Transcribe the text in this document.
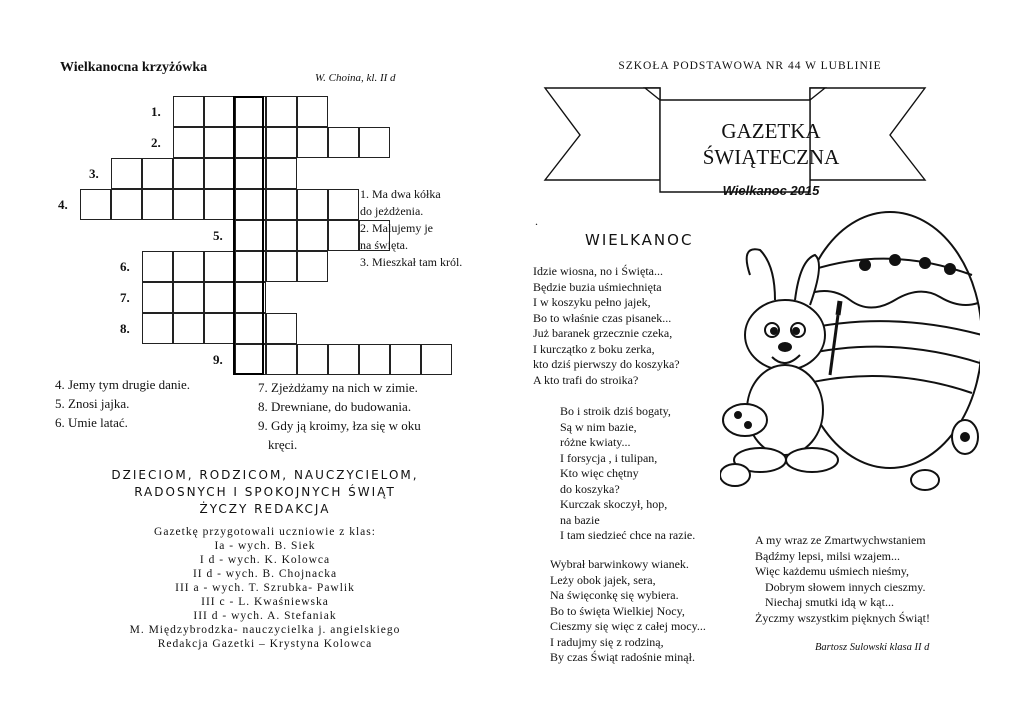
Wielkanocna krzyżówka
W. Choina, kl. II d
1.
2.
3.
4.
5.
6.
7.
8.
9.
1. Ma dwa kółka
do jeżdżenia.
2. Malujemy je
na święta.
3. Mieszkał tam król.
4. Jemy tym drugie danie.
5. Znosi jajka.
6. Umie latać.
7. Zjeżdżamy na nich w zimie.
8. Drewniane, do budowania.
9. Gdy ją kroimy, łza się w oku
kręci.
DZIECIOM, RODZICOM, NAUCZYCIELOM,
RADOSNYCH I SPOKOJNYCH ŚWIĄT
ŻYCZY REDAKCJA
Gazetkę przygotowali uczniowie z klas:
Ia - wych. B. Siek
I d - wych. K. Kolowca
II d - wych. B. Chojnacka
III a - wych. T. Szrubka- Pawlik
III c - L. Kwaśniewska
III d - wych. A. Stefaniak
M. Międzybrodzka- nauczycielka j. angielskiego
Redakcja Gazetki – Krystyna Kolowca
SZKOŁA PODSTAWOWA NR 44 W LUBLINIE
GAZETKA
ŚWIĄTECZNA
Wielkanoc 2015
.
WIELKANOC
Idzie wiosna, no i Święta...
Będzie buzia uśmiechnięta
I w koszyku pełno jajek,
Bo to właśnie czas pisanek...
Już baranek grzecznie czeka,
I kurczątko z boku zerka,
kto dziś pierwszy do koszyka?
A kto trafi do stroika?
Bo i stroik dziś bogaty,
Są w nim bazie,
różne kwiaty...
I forsycja , i tulipan,
Kto więc chętny
do koszyka?
Kurczak skoczył, hop,
na bazie
I tam siedzieć chce na razie.
Wybrał barwinkowy wianek.
Leży obok jajek, sera,
Na święconkę się wybiera.
Bo to święta Wielkiej Nocy,
Cieszmy się więc z całej mocy...
I radujmy się z rodziną,
By czas Świąt radośnie minął.
A my wraz ze Zmartwychwstaniem
Bądźmy lepsi, milsi wzajem...
Więc każdemu uśmiech nieśmy,
Dobrym słowem innych cieszmy.
Niechaj smutki idą w kąt...
Życzmy wszystkim pięknych Świąt!
Bartosz Sulowski klasa II d
